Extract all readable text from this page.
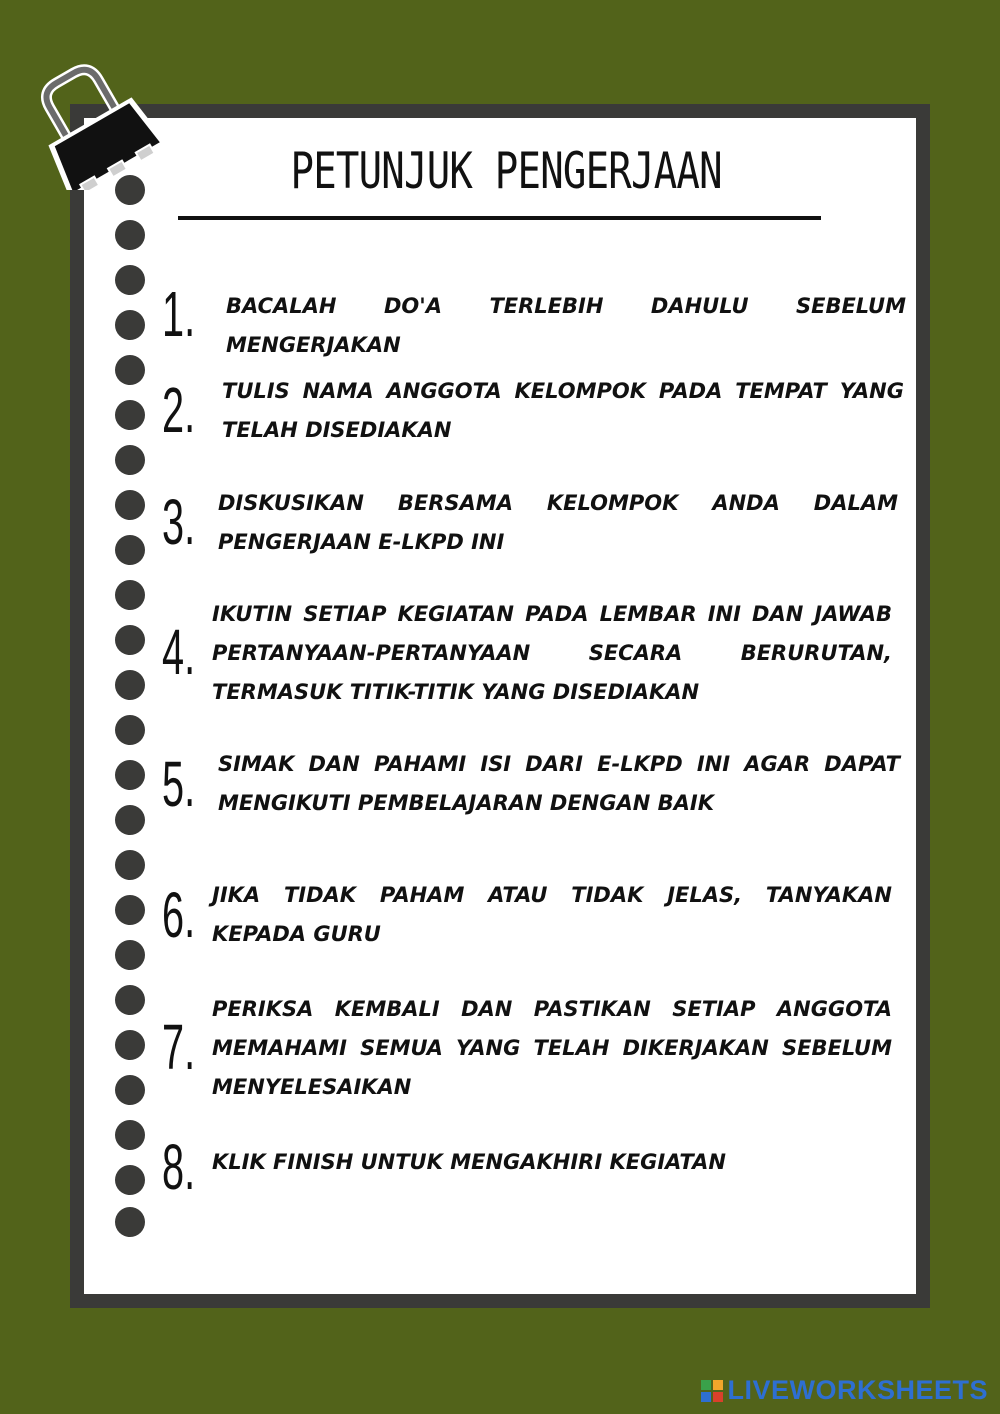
PETUNJUK PENGERJAAN
1. BACALAH DO'A TERLEBIH DAHULU SEBELUM MENGERJAKAN

2. TULIS NAMA ANGGOTA KELOMPOK PADA TEMPAT YANG TELAH DISEDIAKAN

3. DISKUSIKAN BERSAMA KELOMPOK ANDA DALAM PENGERJAAN E-LKPD INI

4.

IKUTIN SETIAP KEGIATAN PADA LEMBAR INI DAN JAWAB PERTANYAAN-PERTANYAAN SECARA BERURUTAN, TERMASUK TITIK-TITIK YANG DISEDIAKAN

5. SIMAK DAN PAHAMI ISI DARI E-LKPD INI AGAR DAPAT MENGIKUTI PEMBELAJARAN DENGAN BAIK

6. JIKA TIDAK PAHAM ATAU TIDAK JELAS, TANYAKAN KEPADA GURU

7.

PERIKSA KEMBALI DAN PASTIKAN SETIAP ANGGOTA MEMAHAMI SEMUA YANG TELAH DIKERJAKAN SEBELUM MENYELESAIKAN

8. KLIK FINISH UNTUK MENGAKHIRI KEGIATAN

LIVEWORKSHEETS
